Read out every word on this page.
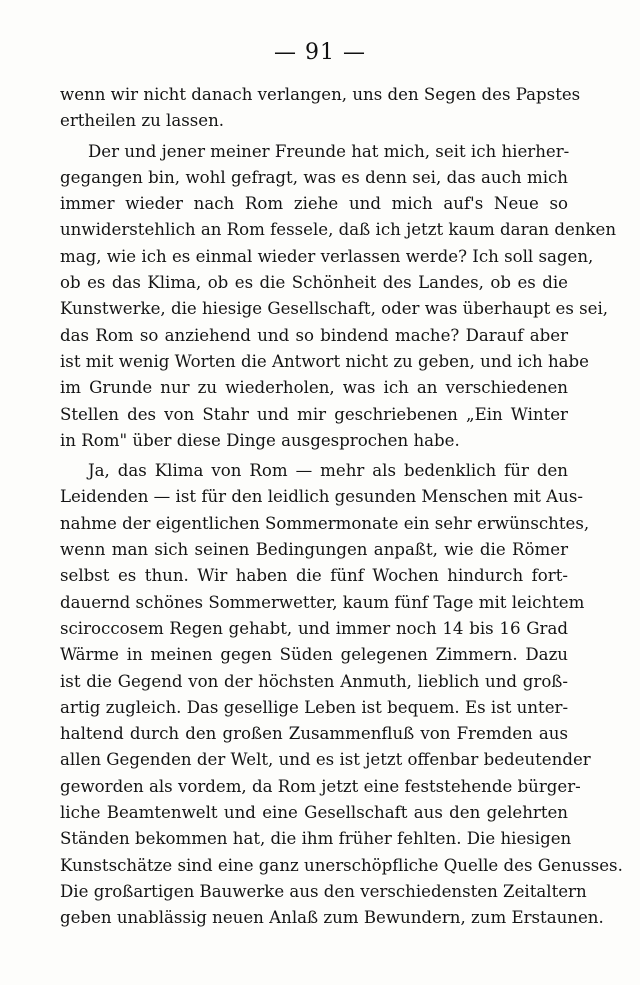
— 91 —
wenn wir nicht danach verlangen, uns den Segen des Papstes
ertheilen zu lassen.
Der und jener meiner Freunde hat mich, seit ich hierher-
gegangen bin, wohl gefragt, was es denn sei, das auch mich
immer wieder nach Rom ziehe und mich auf's Neue so
unwiderstehlich an Rom fessele, daß ich jetzt kaum daran denken
mag, wie ich es einmal wieder verlassen werde? Ich soll sagen,
ob es das Klima, ob es die Schönheit des Landes, ob es die
Kunstwerke, die hiesige Gesellschaft, oder was überhaupt es sei,
das Rom so anziehend und so bindend mache? Darauf aber
ist mit wenig Worten die Antwort nicht zu geben, und ich habe
im Grunde nur zu wiederholen, was ich an verschiedenen
Stellen des von Stahr und mir geschriebenen „Ein Winter
in Rom" über diese Dinge ausgesprochen habe.
Ja, das Klima von Rom — mehr als bedenklich für den
Leidenden — ist für den leidlich gesunden Menschen mit Aus-
nahme der eigentlichen Sommermonate ein sehr erwünschtes,
wenn man sich seinen Bedingungen anpaßt, wie die Römer
selbst es thun. Wir haben die fünf Wochen hindurch fort-
dauernd schönes Sommerwetter, kaum fünf Tage mit leichtem
sciroccosem Regen gehabt, und immer noch 14 bis 16 Grad
Wärme in meinen gegen Süden gelegenen Zimmern. Dazu
ist die Gegend von der höchsten Anmuth, lieblich und groß-
artig zugleich. Das gesellige Leben ist bequem. Es ist unter-
haltend durch den großen Zusammenfluß von Fremden aus
allen Gegenden der Welt, und es ist jetzt offenbar bedeutender
geworden als vordem, da Rom jetzt eine feststehende bürger-
liche Beamtenwelt und eine Gesellschaft aus den gelehrten
Ständen bekommen hat, die ihm früher fehlten. Die hiesigen
Kunstschätze sind eine ganz unerschöpfliche Quelle des Genusses.
Die großartigen Bauwerke aus den verschiedensten Zeitaltern
geben unablässig neuen Anlaß zum Bewundern, zum Erstaunen.
